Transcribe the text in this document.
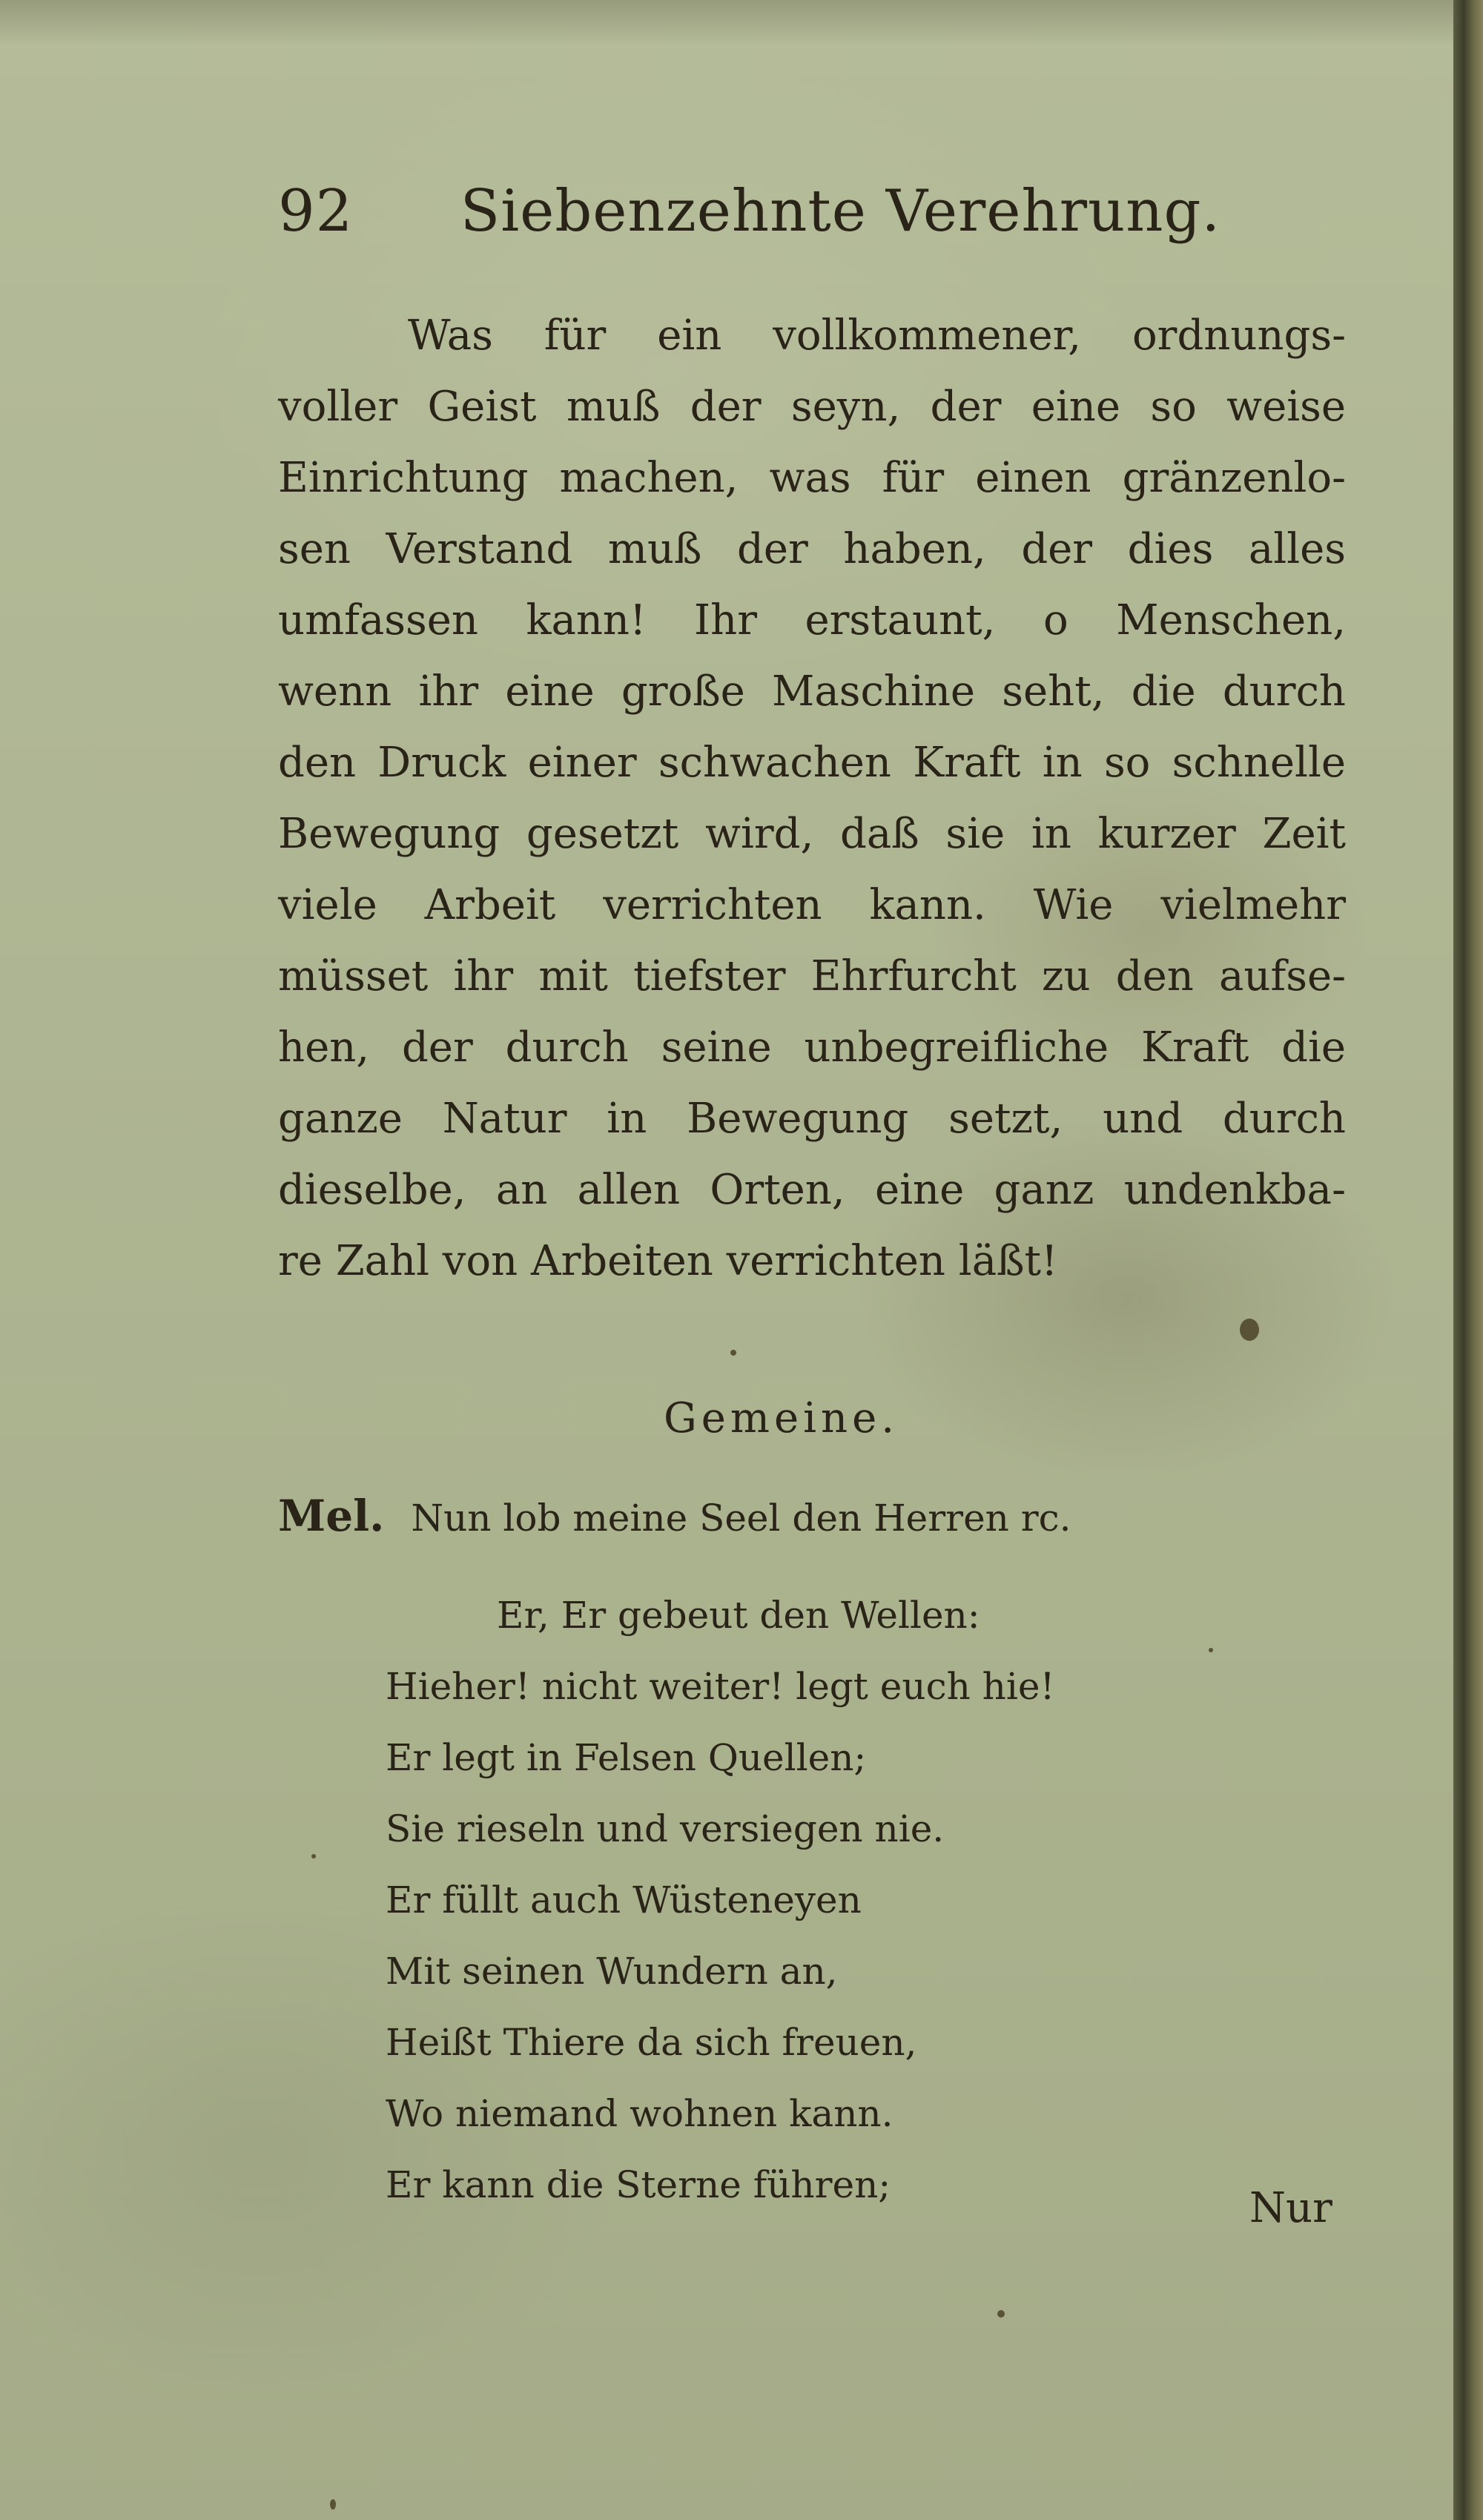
92 Siebenzehnte Verehrung.
Was für ein vollkommener, ordnungs-
voller Geist muß der seyn, der eine so weise
Einrichtung machen, was für einen gränzenlo-
sen Verstand muß der haben, der dies alles
umfassen kann! Ihr erstaunt, o Menschen,
wenn ihr eine große Maschine seht, die durch
den Druck einer schwachen Kraft in so schnelle
Bewegung gesetzt wird, daß sie in kurzer Zeit
viele Arbeit verrichten kann. Wie vielmehr
müsset ihr mit tiefster Ehrfurcht zu den aufse-
hen, der durch seine unbegreifliche Kraft die
ganze Natur in Bewegung setzt, und durch
dieselbe, an allen Orten, eine ganz undenkba-
re Zahl von Arbeiten verrichten läßt!
Gemeine.
Mel. Nun lob meine Seel den Herren rc.
Er, Er gebeut den Wellen:
Hieher! nicht weiter! legt euch hie!
Er legt in Felsen Quellen;
Sie rieseln und versiegen nie.
Er füllt auch Wüsteneyen
Mit seinen Wundern an,
Heißt Thiere da sich freuen,
Wo niemand wohnen kann.
Er kann die Sterne führen;	Nur
